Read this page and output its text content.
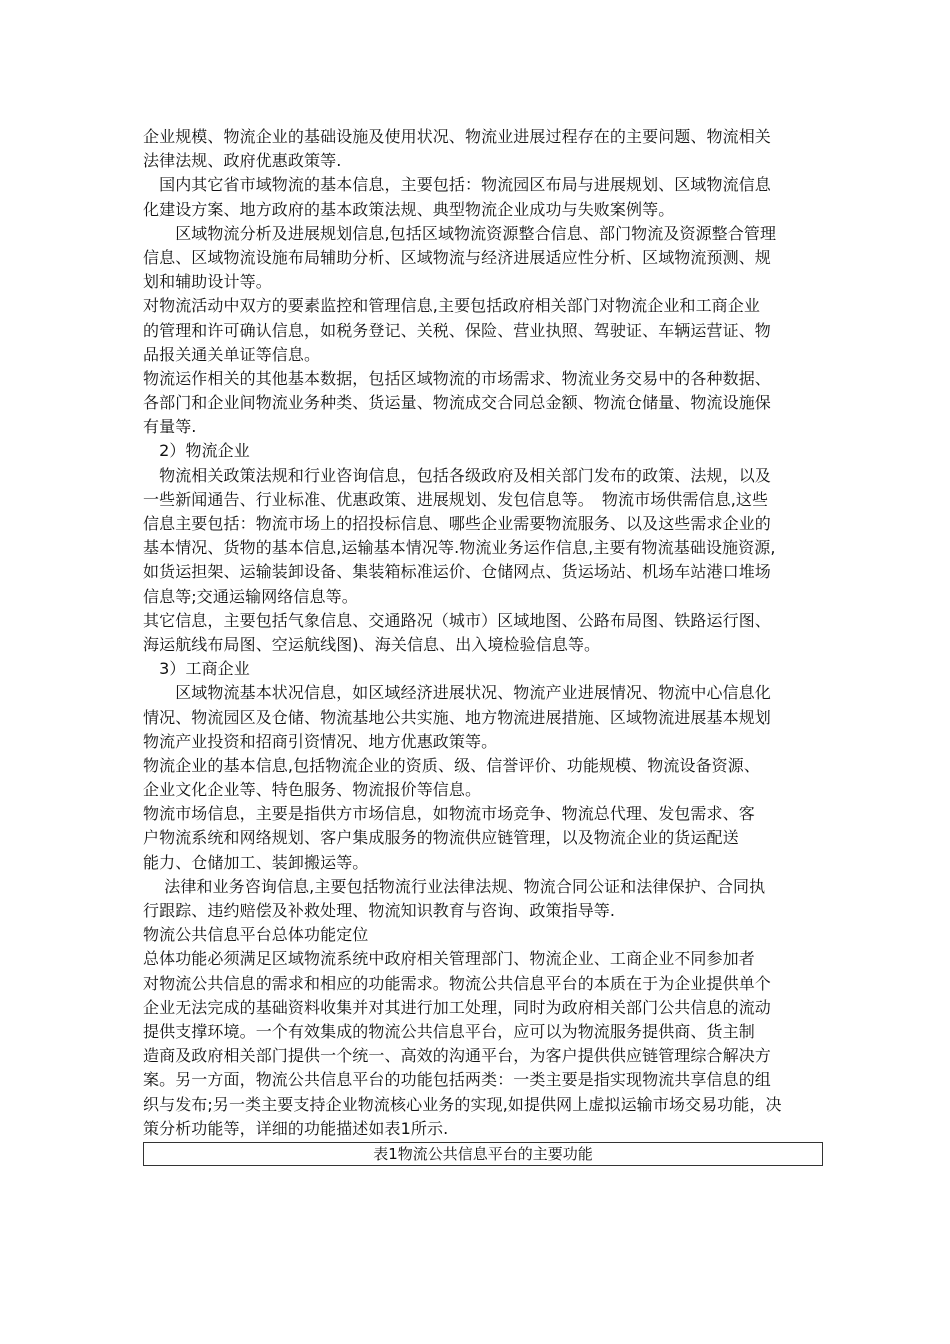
企业规模、物流企业的基础设施及使用状况、物流业进展过程存在的主要问题、物流相关
法律法规、政府优惠政策等.
　国内其它省市域物流的基本信息，主要包括：物流园区布局与进展规划、区域物流信息
化建设方案、地方政府的基本政策法规、典型物流企业成功与失败案例等。
　　区域物流分析及进展规划信息,包括区域物流资源整合信息、部门物流及资源整合管理
信息、区域物流设施布局辅助分析、区域物流与经济进展适应性分析、区域物流预测、规
划和辅助设计等。
对物流活动中双方的要素监控和管理信息,主要包括政府相关部门对物流企业和工商企业
的管理和许可确认信息，如税务登记、关税、保险、营业执照、驾驶证、车辆运营证、物
品报关通关单证等信息。
物流运作相关的其他基本数据，包括区域物流的市场需求、物流业务交易中的各种数据、
各部门和企业间物流业务种类、货运量、物流成交合同总金额、物流仓储量、物流设施保
有量等.
　2）物流企业
　物流相关政策法规和行业咨询信息，包括各级政府及相关部门发布的政策、法规，以及
一些新闻通告、行业标准、优惠政策、进展规划、发包信息等。　物流市场供需信息,这些
信息主要包括：物流市场上的招投标信息、哪些企业需要物流服务、以及这些需求企业的
基本情况、货物的基本信息,运输基本情况等.物流业务运作信息,主要有物流基础设施资源,
如货运担架、运输装卸设备、集装箱标准运价、仓储网点、货运场站、机场车站港口堆场
信息等;交通运输网络信息等。
其它信息，主要包括气象信息、交通路况（城市）区域地图、公路布局图、铁路运行图、
海运航线布局图、空运航线图)、海关信息、出入境检验信息等。
　3）工商企业
　　区域物流基本状况信息，如区域经济进展状况、物流产业进展情况、物流中心信息化
情况、物流园区及仓储、物流基地公共实施、地方物流进展措施、区域物流进展基本规划
物流产业投资和招商引资情况、地方优惠政策等。
物流企业的基本信息,包括物流企业的资质、级、信誉评价、功能规模、物流设备资源、
企业文化企业等、特色服务、物流报价等信息。
物流市场信息，主要是指供方市场信息，如物流市场竞争、物流总代理、发包需求、客
户物流系统和网络规划、客户集成服务的物流供应链管理，以及物流企业的货运配送
能力、仓储加工、装卸搬运等。
　 法律和业务咨询信息,主要包括物流行业法律法规、物流合同公证和法律保护、合同执
行跟踪、违约赔偿及补救处理、物流知识教育与咨询、政策指导等.
物流公共信息平台总体功能定位
总体功能必须满足区域物流系统中政府相关管理部门、物流企业、工商企业不同参加者
对物流公共信息的需求和相应的功能需求。物流公共信息平台的本质在于为企业提供单个
企业无法完成的基础资料收集并对其进行加工处理，同时为政府相关部门公共信息的流动
提供支撑环境。一个有效集成的物流公共信息平台，应可以为物流服务提供商、货主制
造商及政府相关部门提供一个统一、高效的沟通平台，为客户提供供应链管理综合解决方
案。另一方面，物流公共信息平台的功能包括两类：一类主要是指实现物流共享信息的组
织与发布;另一类主要支持企业物流核心业务的实现,如提供网上虚拟运输市场交易功能，决
策分析功能等，详细的功能描述如表1所示.
表1物流公共信息平台的主要功能
